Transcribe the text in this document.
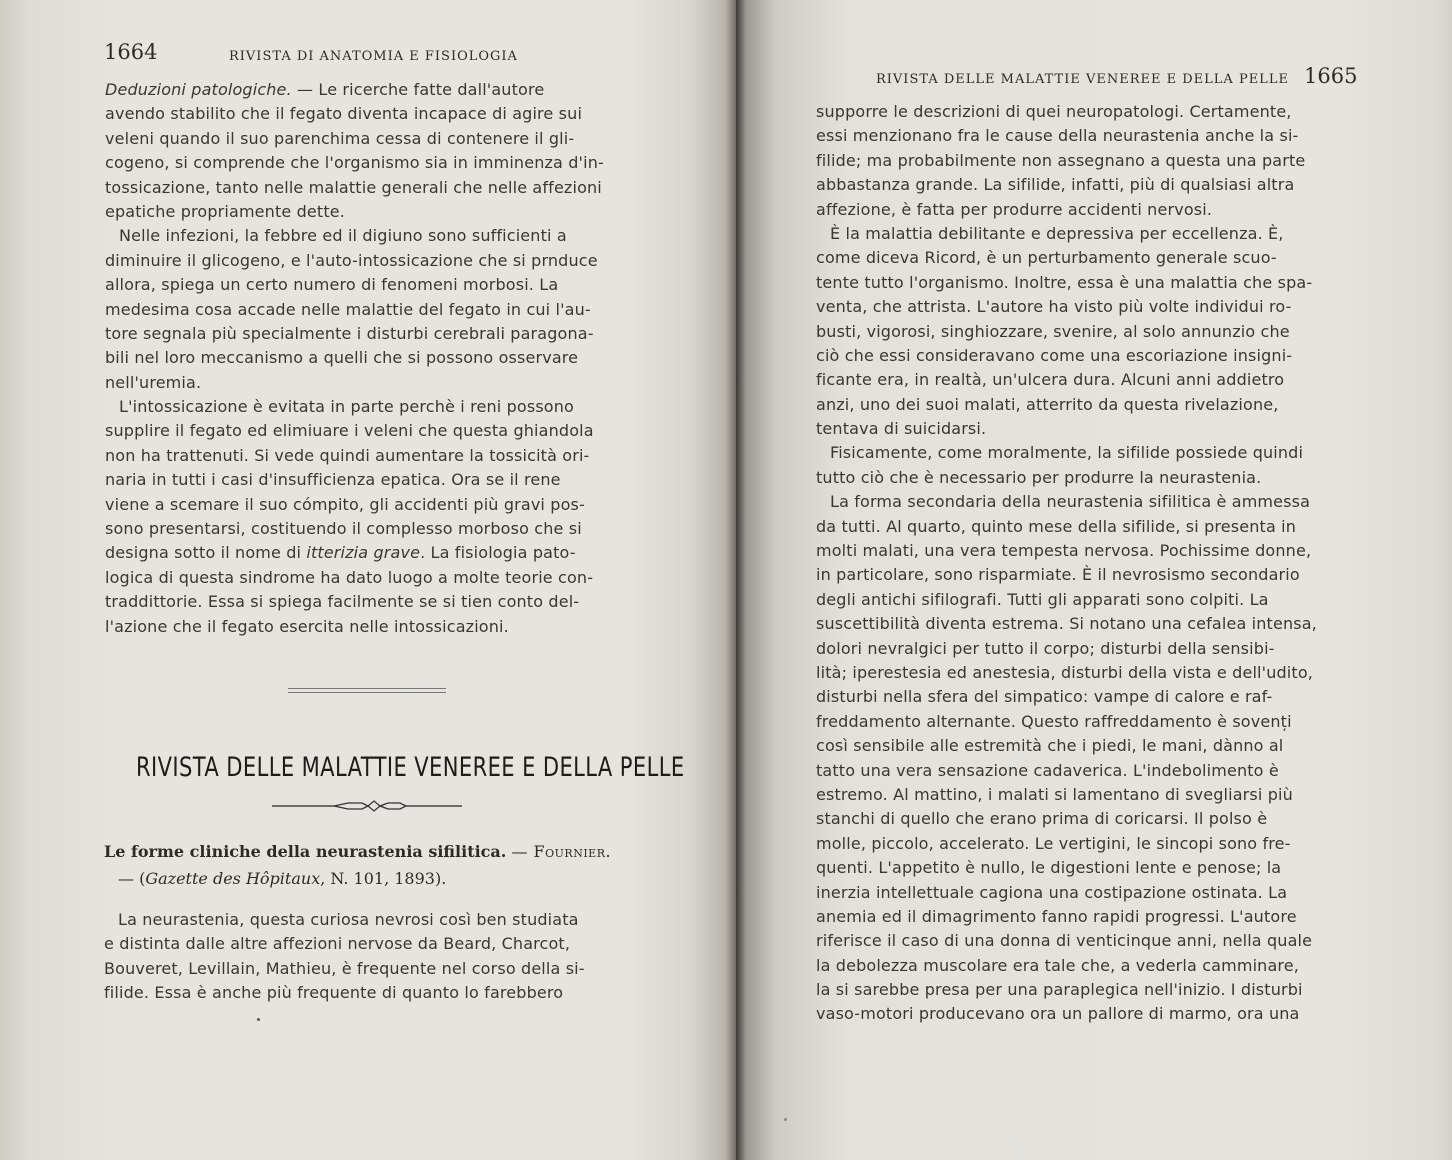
1664	RIVISTA DI ANATOMIA E FISIOLOGIA
Deduzioni patologiche. — Le ricerche fatte dall'autore
avendo stabilito che il fegato diventa incapace di agire sui
veleni quando il suo parenchima cessa di contenere il gli-
cogeno, si comprende che l'organismo sia in imminenza d'in-
tossicazione, tanto nelle malattie generali che nelle affezioni
epatiche propriamente dette.
Nelle infezioni, la febbre ed il digiuno sono sufficienti a
diminuire il glicogeno, e l'auto-intossicazione che si prnduce
allora, spiega un certo numero di fenomeni morbosi. La
medesima cosa accade nelle malattie del fegato in cui l'au-
tore segnala più specialmente i disturbi cerebrali paragona-
bili nel loro meccanismo a quelli che si possono osservare
nell'uremia.
L'intossicazione è evitata in parte perchè i reni possono
supplire il fegato ed elimiuare i veleni che questa ghiandola
non ha trattenuti. Si vede quindi aumentare la tossicità ori-
naria in tutti i casi d'insufficienza epatica. Ora se il rene
viene a scemare il suo cómpito, gli accidenti più gravi pos-
sono presentarsi, costituendo il complesso morboso che si
designa sotto il nome di itterizia grave. La fisiologia pato-
logica di questa sindrome ha dato luogo a molte teorie con-
traddittorie. Essa si spiega facilmente se si tien conto del-
l'azione che il fegato esercita nelle intossicazioni.
RIVISTA DELLE MALATTIE VENEREE E DELLA PELLE
Le forme cliniche della neurastenia sifilitica. — Fournier.
— (Gazette des Hôpitaux, N. 101, 1893).
La neurastenia, questa curiosa nevrosi così ben studiata
e distinta dalle altre affezioni nervose da Beard, Charcot,
Bouveret, Levillain, Mathieu, è frequente nel corso della si-
filide. Essa è anche più frequente di quanto lo farebbero
RIVISTA DELLE MALATTIE VENEREE E DELLA PELLE 1665
supporre le descrizioni di quei neuropatologi. Certamente,
essi menzionano fra le cause della neurastenia anche la si-
filide; ma probabilmente non assegnano a questa una parte
abbastanza grande. La sifilide, infatti, più di qualsiasi altra
affezione, è fatta per produrre accidenti nervosi.
È la malattia debilitante e depressiva per eccellenza. È,
come diceva Ricord, è un perturbamento generale scuo-
tente tutto l'organismo. Inoltre, essa è una malattia che spa-
venta, che attrista. L'autore ha visto più volte individui ro-
busti, vigorosi, singhiozzare, svenire, al solo annunzio che
ciò che essi consideravano come una escoriazione insigni-
ficante era, in realtà, un'ulcera dura. Alcuni anni addietro
anzi, uno dei suoi malati, atterrito da questa rivelazione,
tentava di suicidarsi.
Fisicamente, come moralmente, la sifilide possiede quindi
tutto ciò che è necessario per produrre la neurastenia.
La forma secondaria della neurastenia sifilitica è ammessa
da tutti. Al quarto, quinto mese della sifilide, si presenta in
molti malati, una vera tempesta nervosa. Pochissime donne,
in particolare, sono risparmiate. È il nevrosismo secondario
degli antichi sifilografi. Tutti gli apparati sono colpiti. La
suscettibilità diventa estrema. Si notano una cefalea intensa,
dolori nevralgici per tutto il corpo; disturbi della sensibi-
lità; iperestesia ed anestesia, disturbi della vista e dell'udito,
disturbi nella sfera del simpatico: vampe di calore e raf-
freddamento alternante. Questo raffreddamento è sovenți
così sensibile alle estremità che i piedi, le mani, dànno al
tatto una vera sensazione cadaverica. L'indebolimento è
estremo. Al mattino, i malati si lamentano di svegliarsi più
stanchi di quello che erano prima di coricarsi. Il polso è
molle, piccolo, accelerato. Le vertigini, le sincopi sono fre-
quenti. L'appetito è nullo, le digestioni lente e penose; la
inerzia intellettuale cagiona una costipazione ostinata. La
anemia ed il dimagrimento fanno rapidi progressi. L'autore
riferisce il caso di una donna di venticinque anni, nella quale
la debolezza muscolare era tale che, a vederla camminare,
la si sarebbe presa per una paraplegica nell'inizio. I disturbi
vaso-motori producevano ora un pallore di marmo, ora una
